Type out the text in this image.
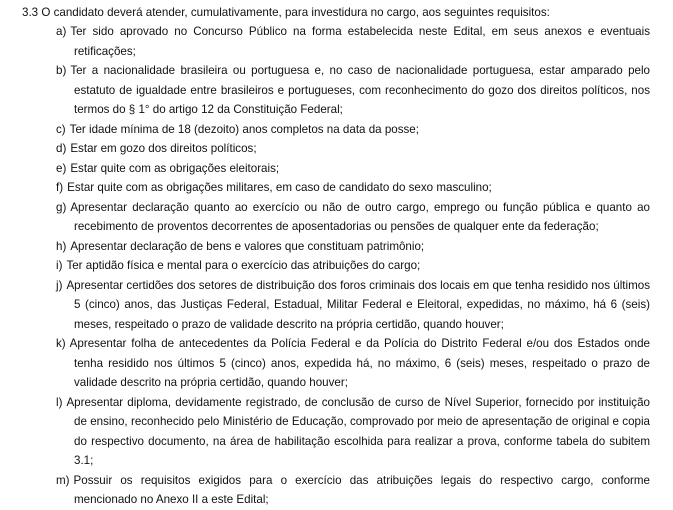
3.3 O candidato deverá atender, cumulativamente, para investidura no cargo, aos seguintes requisitos:
a) Ter sido aprovado no Concurso Público na forma estabelecida neste Edital, em seus anexos e eventuais retificações;
b) Ter a nacionalidade brasileira ou portuguesa e, no caso de nacionalidade portuguesa, estar amparado pelo estatuto de igualdade entre brasileiros e portugueses, com reconhecimento do gozo dos direitos políticos, nos termos do § 1° do artigo 12 da Constituição Federal;
c) Ter idade mínima de 18 (dezoito) anos completos na data da posse;
d) Estar em gozo dos direitos políticos;
e) Estar quite com as obrigações eleitorais;
f) Estar quite com as obrigações militares, em caso de candidato do sexo masculino;
g) Apresentar declaração quanto ao exercício ou não de outro cargo, emprego ou função pública e quanto ao recebimento de proventos decorrentes de aposentadorias ou pensões de qualquer ente da federação;
h) Apresentar declaração de bens e valores que constituam patrimônio;
i) Ter aptidão física e mental para o exercício das atribuições do cargo;
j) Apresentar certidões dos setores de distribuição dos foros criminais dos locais em que tenha residido nos últimos 5 (cinco) anos, das Justiças Federal, Estadual, Militar Federal e Eleitoral, expedidas, no máximo, há 6 (seis) meses, respeitado o prazo de validade descrito na própria certidão, quando houver;
k) Apresentar folha de antecedentes da Polícia Federal e da Polícia do Distrito Federal e/ou dos Estados onde tenha residido nos últimos 5 (cinco) anos, expedida há, no máximo, 6 (seis) meses, respeitado o prazo de validade descrito na própria certidão, quando houver;
l) Apresentar diploma, devidamente registrado, de conclusão de curso de Nível Superior, fornecido por instituição de ensino, reconhecido pelo Ministério de Educação, comprovado por meio de apresentação de original e copia do respectivo documento, na área de habilitação escolhida para realizar a prova, conforme tabela do subitem 3.1;
m) Possuir os requisitos exigidos para o exercício das atribuições legais do respectivo cargo, conforme mencionado no Anexo II a este Edital;
